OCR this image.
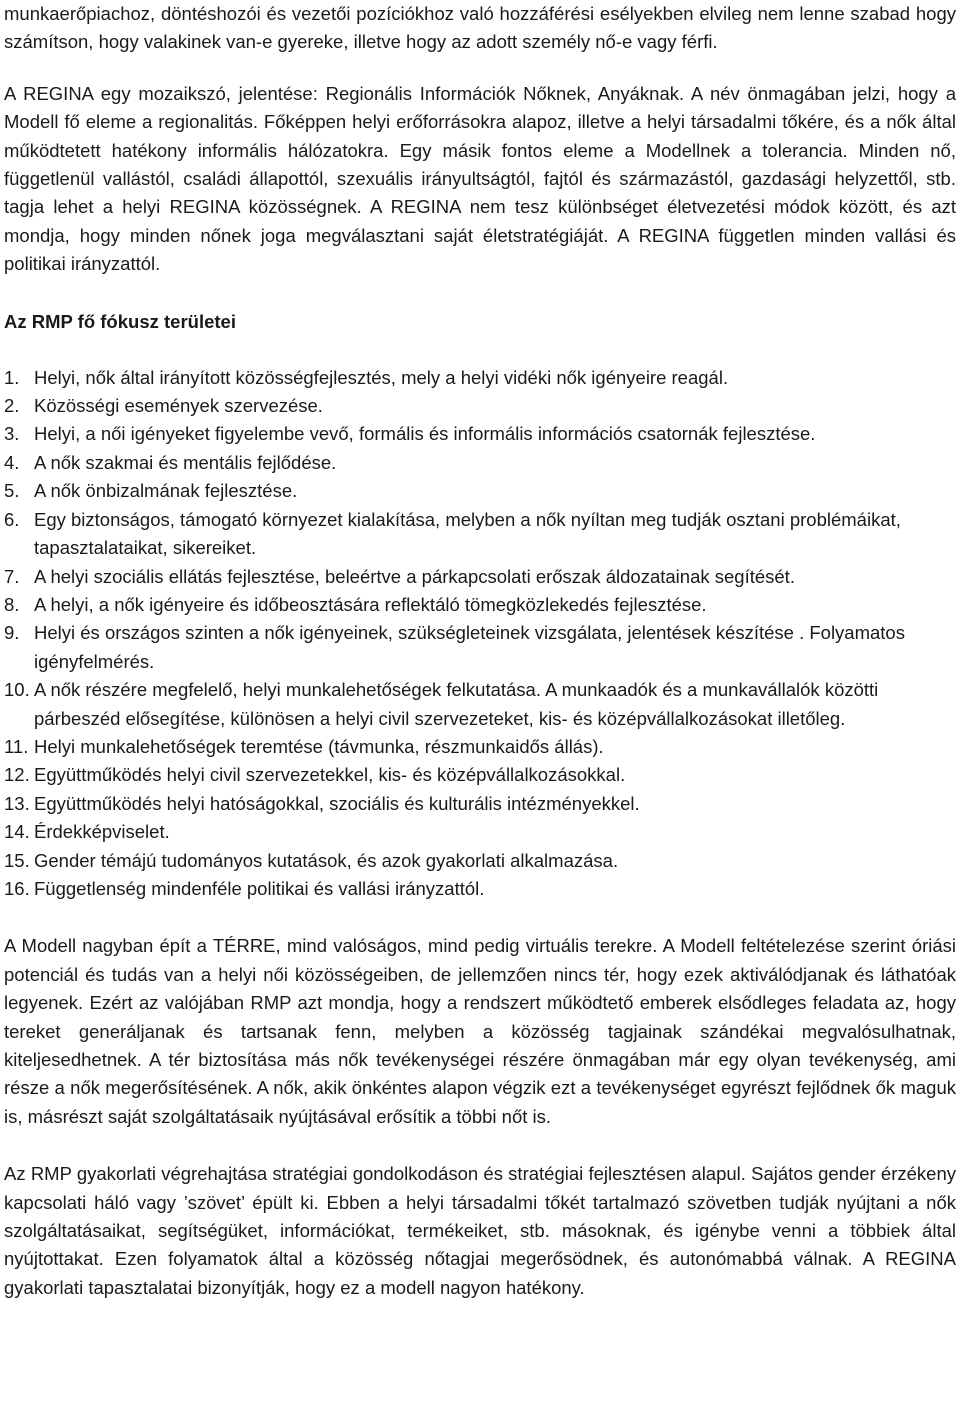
munkaerőpiachoz, döntéshozói és vezetői pozíciókhoz való hozzáférési esélyekben elvileg nem lenne szabad hogy számítson, hogy valakinek van-e gyereke, illetve hogy az adott személy nő-e vagy férfi.

A REGINA egy mozaikszó, jelentése: Regionális Információk Nőknek, Anyáknak. A név önmagában jelzi, hogy a Modell fő eleme a regionalitás. Főképpen helyi erőforrásokra alapoz, illetve a helyi társadalmi tőkére, és a nők által működtetett hatékony informális hálózatokra. Egy másik fontos eleme a Modellnek a tolerancia. Minden nő, függetlenül vallástól, családi állapottól, szexuális irányultságtól, fajtól és származástól, gazdasági helyzettől, stb. tagja lehet a helyi REGINA közösségnek. A REGINA nem tesz különbséget életvezetési módok között, és azt mondja, hogy minden nőnek joga megválasztani saját életstratégiáját. A REGINA független minden vallási és politikai irányzattól.

Az RMP fő fókusz területei
1. Helyi, nők által irányított közösségfejlesztés, mely a helyi vidéki nők igényeire reagál.
2. Közösségi események szervezése.
3. Helyi, a női igényeket figyelembe vevő, formális és informális információs csatornák fejlesztése.
4. A nők szakmai és mentális fejlődése.
5. A nők önbizalmának fejlesztése.
6. Egy biztonságos, támogató környezet kialakítása, melyben a nők nyíltan meg tudják osztani problémáikat, tapasztalataikat, sikereiket.
7. A helyi szociális ellátás fejlesztése, beleértve a párkapcsolati erőszak áldozatainak segítését.
8. A helyi, a nők igényeire és időbeosztására reflektáló tömegközlekedés fejlesztése.
9. Helyi és országos szinten a nők igényeinek, szükségleteinek vizsgálata, jelentések készítése . Folyamatos igényfelmérés.
10. A nők részére megfelelő, helyi munkalehetőségek felkutatása. A munkaadók és a munkavállalók közötti párbeszéd elősegítése, különösen a helyi civil szervezeteket, kis- és középvállalkozásokat illetőleg.
11. Helyi munkalehetőségek teremtése (távmunka, részmunkaidős állás).
12. Együttműködés helyi civil szervezetekkel, kis- és középvállalkozásokkal.
13. Együttműködés helyi hatóságokkal, szociális és kulturális intézményekkel.
14. Érdekképviselet.
15. Gender témájú tudományos kutatások, és azok gyakorlati alkalmazása.
16. Függetlenség mindenféle politikai és vallási irányzattól.

A Modell nagyban épít a TÉRRE, mind valóságos, mind pedig virtuális terekre. A Modell feltételezése szerint óriási potenciál és tudás van a helyi női közösségeiben, de jellemzően nincs tér, hogy ezek aktiválódjanak és láthatóak legyenek. Ezért az valójában RMP azt mondja, hogy a rendszert működtető emberek elsődleges feladata az, hogy tereket generáljanak és tartsanak fenn, melyben a közösség tagjainak szándékai megvalósulhatnak, kiteljesedhetnek. A tér biztosítása más nők tevékenységei részére önmagában már egy olyan tevékenység, ami része a nők megerősítésének. A nők, akik önkéntes alapon végzik ezt a tevékenységet egyrészt fejlődnek ők maguk is, másrészt saját szolgáltatásaik nyújtásával erősítik a többi nőt is.

Az RMP gyakorlati végrehajtása stratégiai gondolkodáson és stratégiai fejlesztésen alapul. Sajátos gender érzékeny kapcsolati háló vagy ’szövet’ épült ki. Ebben a helyi társadalmi tőkét tartalmazó szövetben tudják nyújtani a nők szolgáltatásaikat, segítségüket, információkat, termékeiket, stb. másoknak, és igénybe venni a többiek által nyújtottakat. Ezen folyamatok által a közösség nőtagjai megerősödnek, és autonómabbá válnak. A REGINA gyakorlati tapasztalatai bizonyítják, hogy ez a modell nagyon hatékony.
